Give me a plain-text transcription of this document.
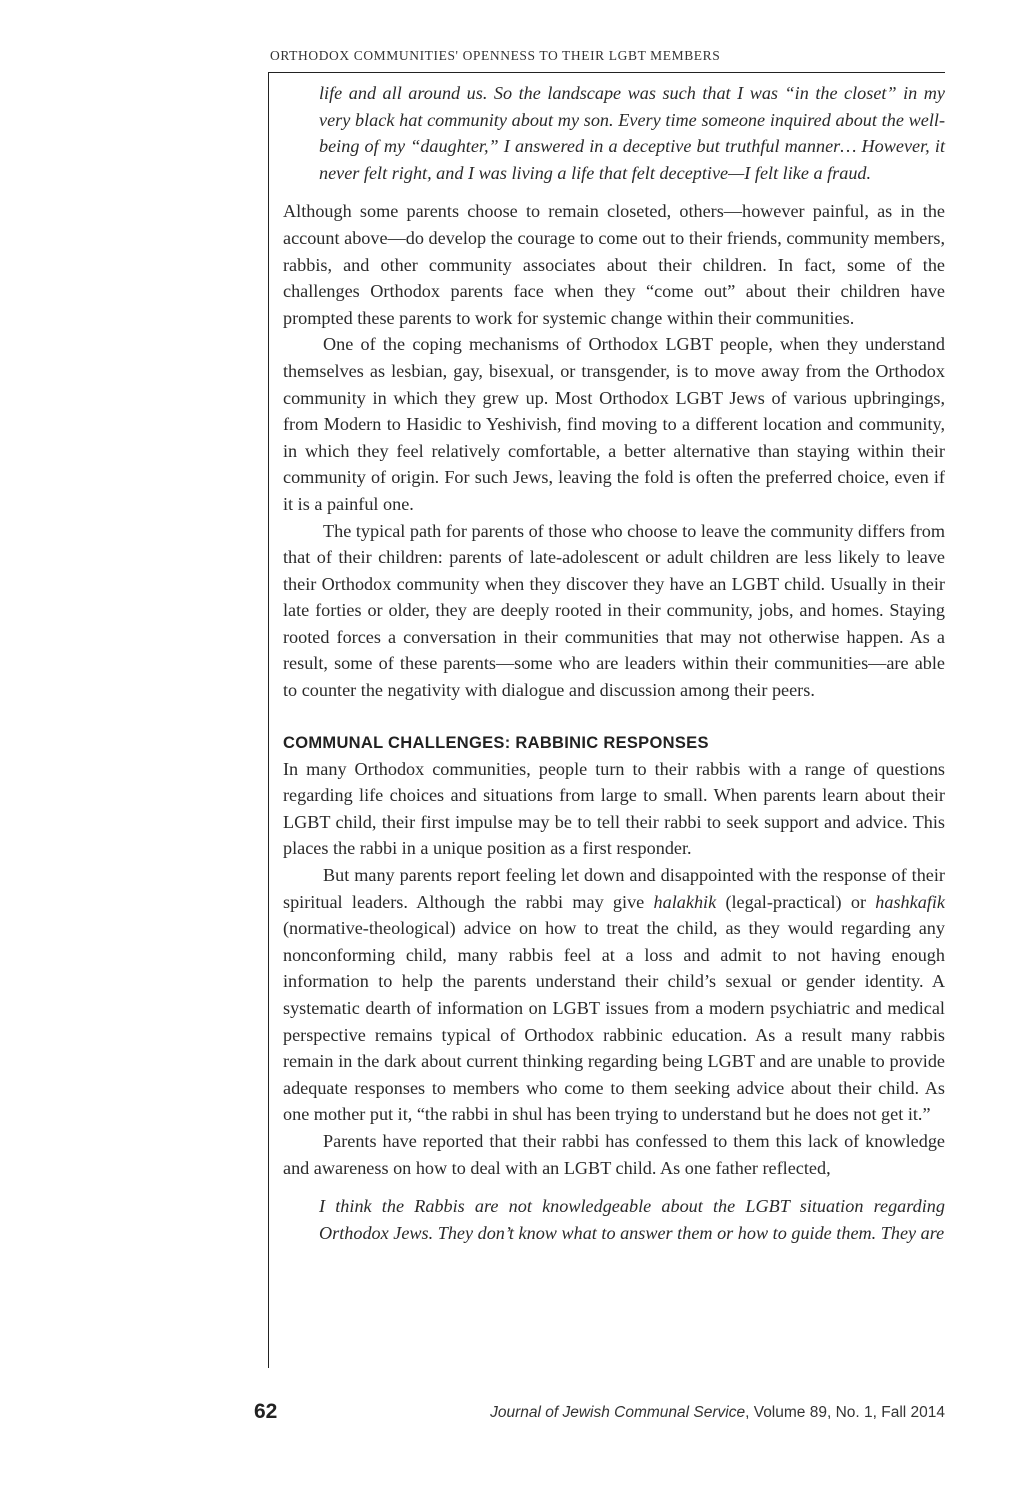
ORTHODOX COMMUNITIES' OPENNESS TO THEIR LGBT MEMBERS

life and all around us. So the landscape was such that I was “in the closet” in my very black hat community about my son. Every time someone inquired about the well-being of my “daughter,” I answered in a deceptive but truthful manner… However, it never felt right, and I was living a life that felt deceptive—I felt like a fraud.

Although some parents choose to remain closeted, others—however painful, as in the account above—do develop the courage to come out to their friends, community members, rabbis, and other community associates about their children. In fact, some of the challenges Orthodox parents face when they “come out” about their children have prompted these parents to work for systemic change within their communities.

One of the coping mechanisms of Orthodox LGBT people, when they understand themselves as lesbian, gay, bisexual, or transgender, is to move away from the Orthodox community in which they grew up. Most Orthodox LGBT Jews of various upbringings, from Modern to Hasidic to Yeshivish, find moving to a different location and community, in which they feel relatively comfortable, a better alternative than staying within their community of origin. For such Jews, leaving the fold is often the preferred choice, even if it is a painful one.

The typical path for parents of those who choose to leave the community differs from that of their children: parents of late-adolescent or adult children are less likely to leave their Orthodox community when they discover they have an LGBT child. Usually in their late forties or older, they are deeply rooted in their community, jobs, and homes. Staying rooted forces a conversation in their communities that may not otherwise happen. As a result, some of these parents—some who are leaders within their communities—are able to counter the negativity with dialogue and discussion among their peers.

COMMUNAL CHALLENGES: RABBINIC RESPONSES

In many Orthodox communities, people turn to their rabbis with a range of questions regarding life choices and situations from large to small. When parents learn about their LGBT child, their first impulse may be to tell their rabbi to seek support and advice. This places the rabbi in a unique position as a first responder.

But many parents report feeling let down and disappointed with the response of their spiritual leaders. Although the rabbi may give halakhik (legal-practical) or hashkafik (normative-theological) advice on how to treat the child, as they would regarding any nonconforming child, many rabbis feel at a loss and admit to not having enough information to help the parents understand their child’s sexual or gender identity. A systematic dearth of information on LGBT issues from a modern psychiatric and medical perspective remains typical of Orthodox rabbinic education. As a result many rabbis remain in the dark about current thinking regarding being LGBT and are unable to provide adequate responses to members who come to them seeking advice about their child. As one mother put it, “the rabbi in shul has been trying to understand but he does not get it.”

Parents have reported that their rabbi has confessed to them this lack of knowledge and awareness on how to deal with an LGBT child. As one father reflected,

I think the Rabbis are not knowledgeable about the LGBT situation regarding Orthodox Jews. They don’t know what to answer them or how to guide them. They are

62	Journal of Jewish Communal Service, Volume 89, No. 1, Fall 2014
